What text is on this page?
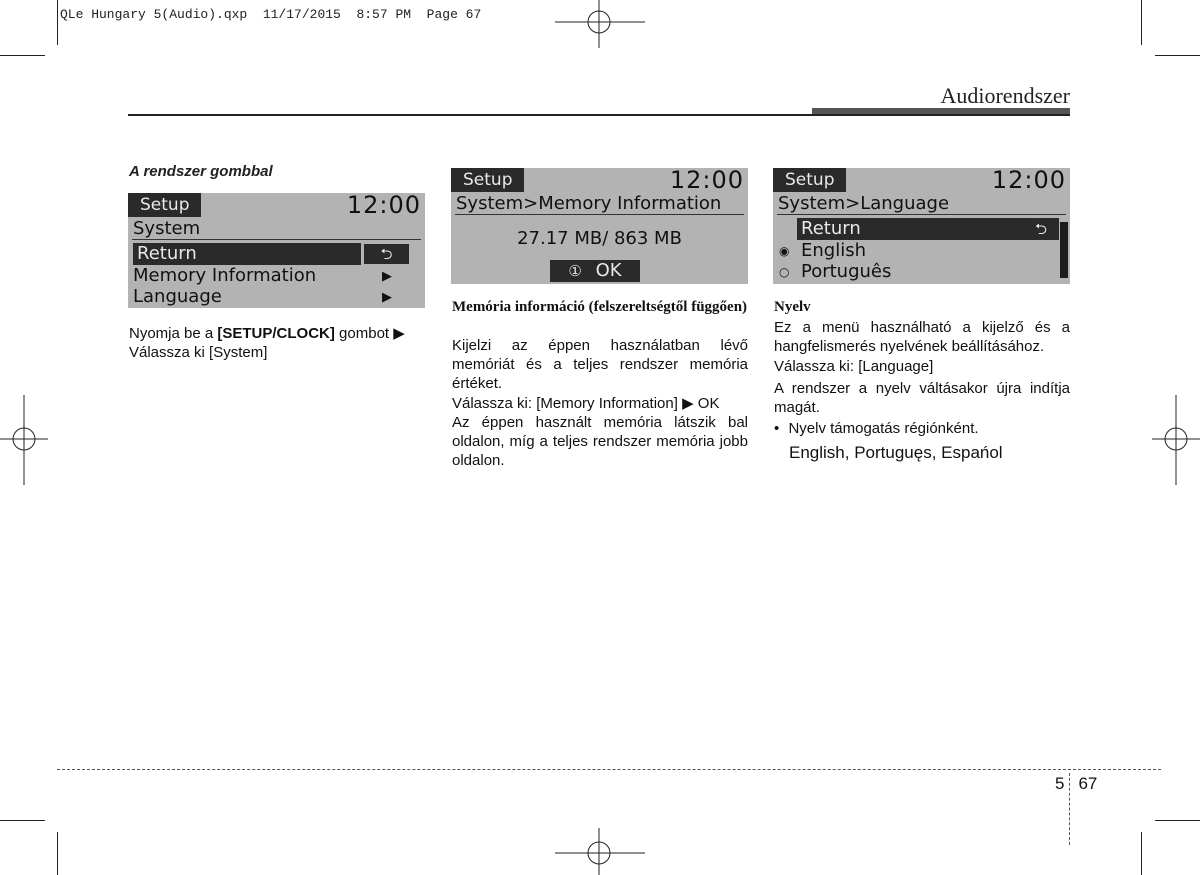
QLe Hungary 5(Audio).qxp  11/17/2015  8:57 PM  Page 67
Audiorendszer
A rendszer gombbal
Setup	12:00
System
Return	⮌
Memory Information	▶
Language	▶
Nyomja be a [SETUP/CLOCK] gombot ▶
Válassza ki [System]
Setup	12:00
System>Memory Information
27.17 MB/ 863 MB
① OK
Memória információ (felszereltségtől függően)
Kijelzi az éppen használatban lévő memóriát és a teljes rendszer memória értéket.
Válassza ki: [Memory Information] ▶ OK
Az éppen használt memória látszik bal oldalon, míg a teljes rendszer memória jobb oldalon.
Setup	12:00
System>Language
Return	⮌
◉ English
○ Português
Nyelv
Ez a menü használható a kijelző és a hangfelismerés nyelvének beállításához.
Válassza ki: [Language]
A rendszer a nyelv váltásakor újra indítja magát.
• Nyelv támogatás régiónként.
English, Portuguęs, Espańol
5 67
